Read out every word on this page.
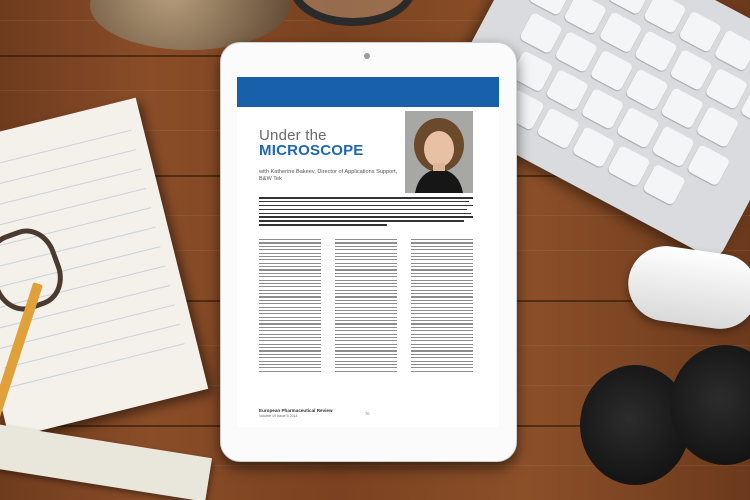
Under the
MICROSCOPE
with Katherine Bakeev, Director of Applications Support, B&W Tek
European Pharmaceutical Review
Volume 19 Issue 5 2014	70
